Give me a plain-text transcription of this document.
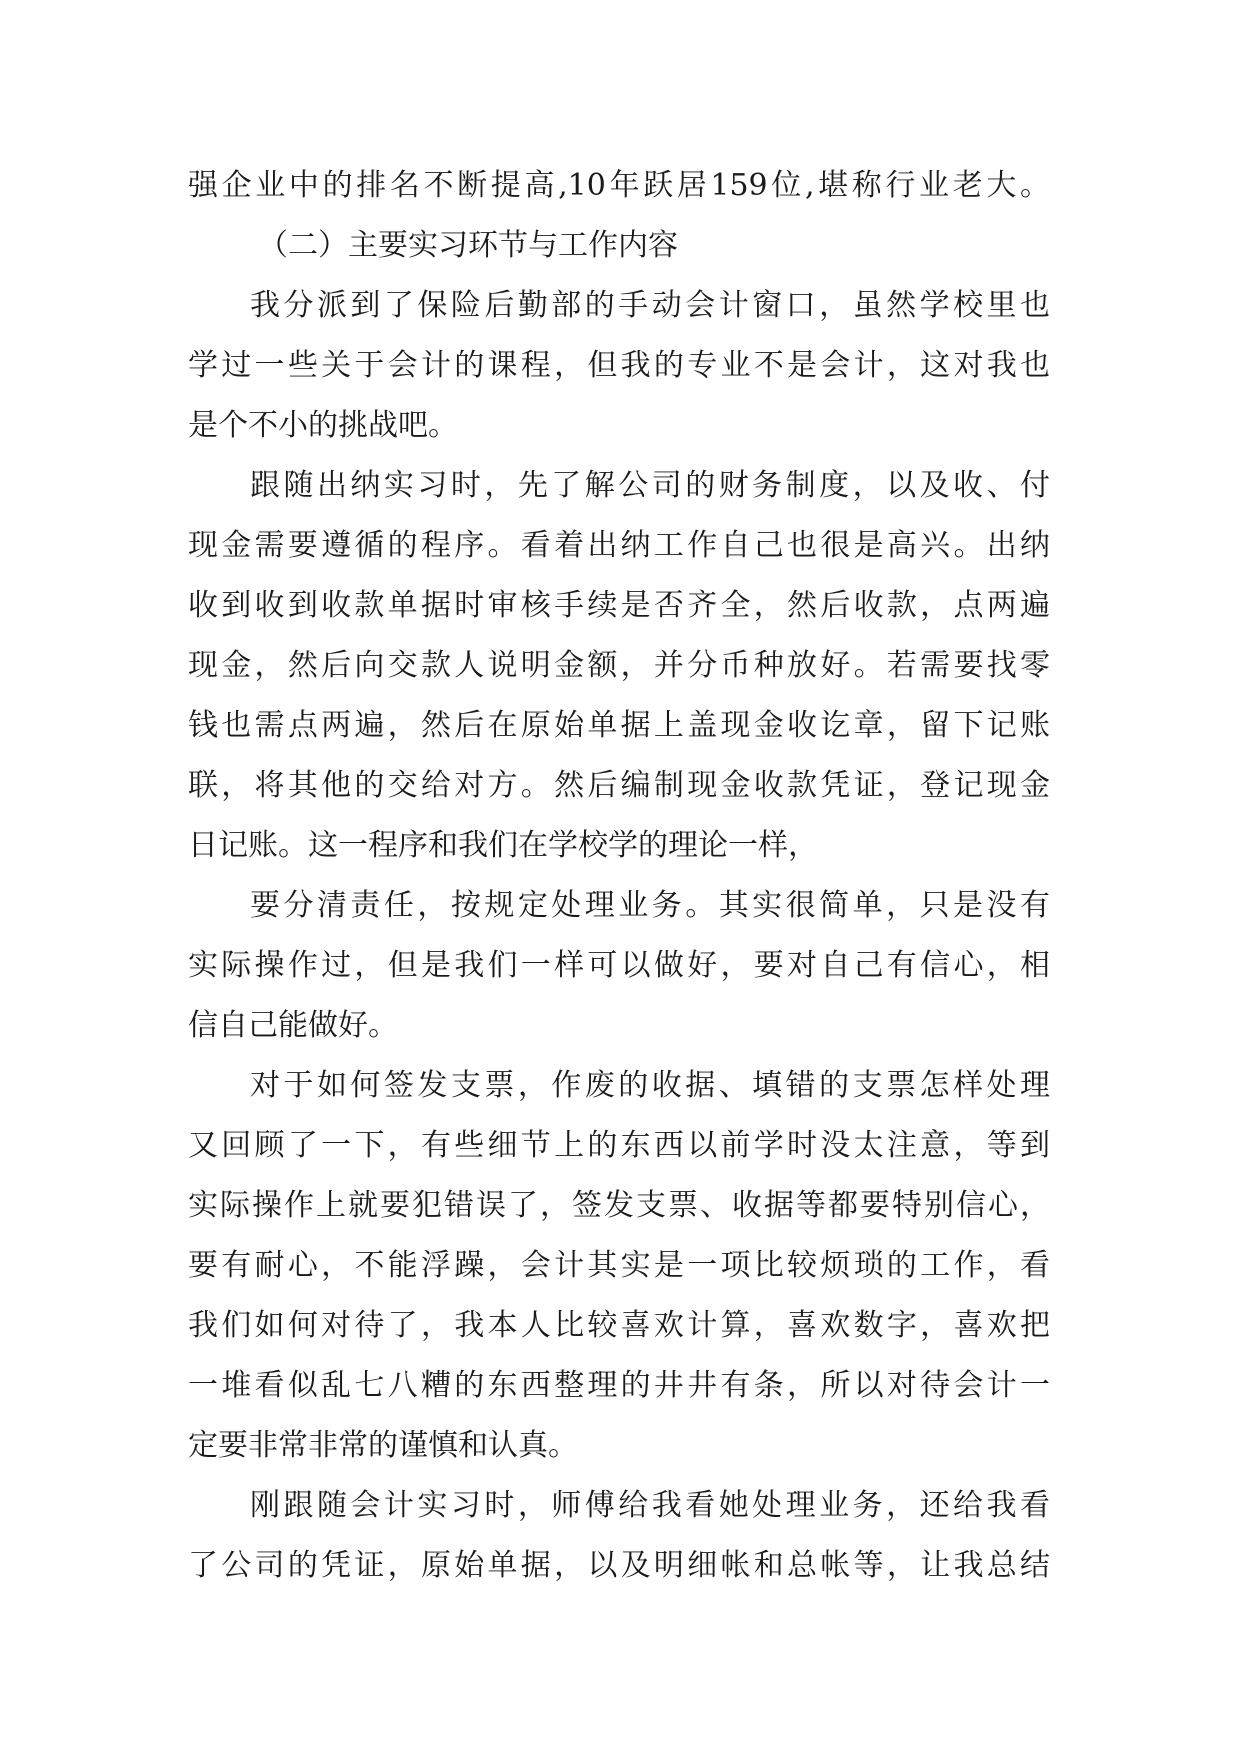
强企业中的排名不断提高,10年跃居159位,堪称行业老大。
（二）主要实习环节与工作内容
我分派到了保险后勤部的手动会计窗口，虽然学校里也
学过一些关于会计的课程，但我的专业不是会计，这对我也
是个不小的挑战吧。
跟随出纳实习时，先了解公司的财务制度，以及收、付
现金需要遵循的程序。看着出纳工作自己也很是高兴。出纳
收到收到收款单据时审核手续是否齐全，然后收款，点两遍
现金，然后向交款人说明金额，并分币种放好。若需要找零
钱也需点两遍，然后在原始单据上盖现金收讫章，留下记账
联，将其他的交给对方。然后编制现金收款凭证，登记现金
日记账。这一程序和我们在学校学的理论一样，
要分清责任，按规定处理业务。其实很简单，只是没有
实际操作过，但是我们一样可以做好，要对自己有信心，相
信自己能做好。
对于如何签发支票，作废的收据、填错的支票怎样处理
又回顾了一下，有些细节上的东西以前学时没太注意，等到
实际操作上就要犯错误了，签发支票、收据等都要特别信心，
要有耐心，不能浮躁，会计其实是一项比较烦琐的工作，看
我们如何对待了，我本人比较喜欢计算，喜欢数字，喜欢把
一堆看似乱七八糟的东西整理的井井有条，所以对待会计一
定要非常非常的谨慎和认真。
刚跟随会计实习时，师傅给我看她处理业务，还给我看
了公司的凭证，原始单据，以及明细帐和总帐等，让我总结
